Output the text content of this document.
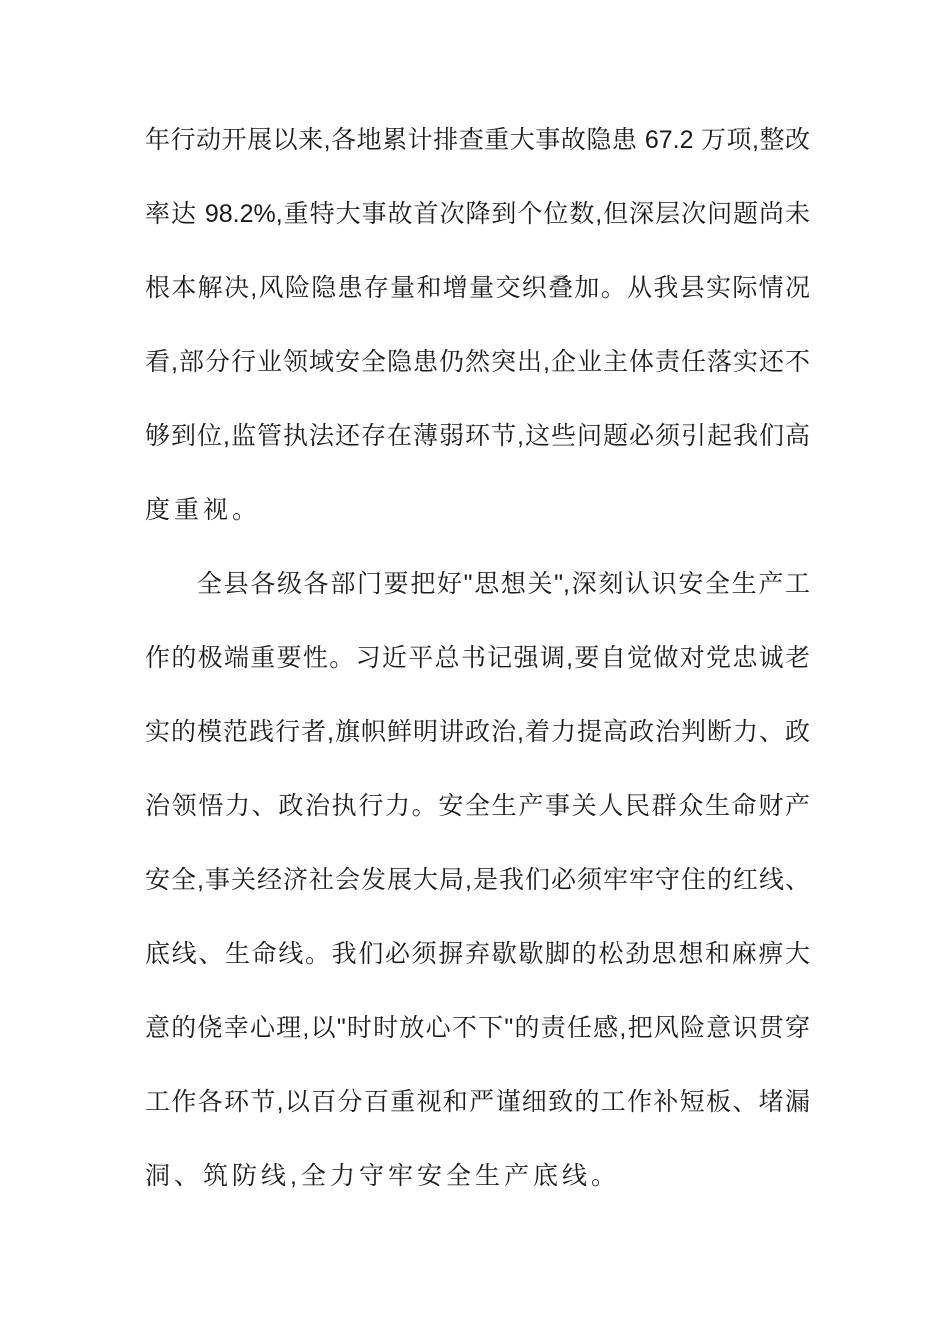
年行动开展以来,各地累计排查重大事故隐患 67.2 万项,整改
率达 98.2%,重特大事故首次降到个位数,但深层次问题尚未
根本解决,风险隐患存量和增量交织叠加。从我县实际情况
看,部分行业领域安全隐患仍然突出,企业主体责任落实还不
够到位,监管执法还存在薄弱环节,这些问题必须引起我们高
度重视。
全县各级各部门要把好"思想关",深刻认识安全生产工
作的极端重要性。习近平总书记强调,要自觉做对党忠诚老
实的模范践行者,旗帜鲜明讲政治,着力提高政治判断力、政
治领悟力、政治执行力。安全生产事关人民群众生命财产
安全,事关经济社会发展大局,是我们必须牢牢守住的红线、
底线、生命线。我们必须摒弃歇歇脚的松劲思想和麻痹大
意的侥幸心理,以"时时放心不下"的责任感,把风险意识贯穿
工作各环节,以百分百重视和严谨细致的工作补短板、堵漏
洞、筑防线,全力守牢安全生产底线。
